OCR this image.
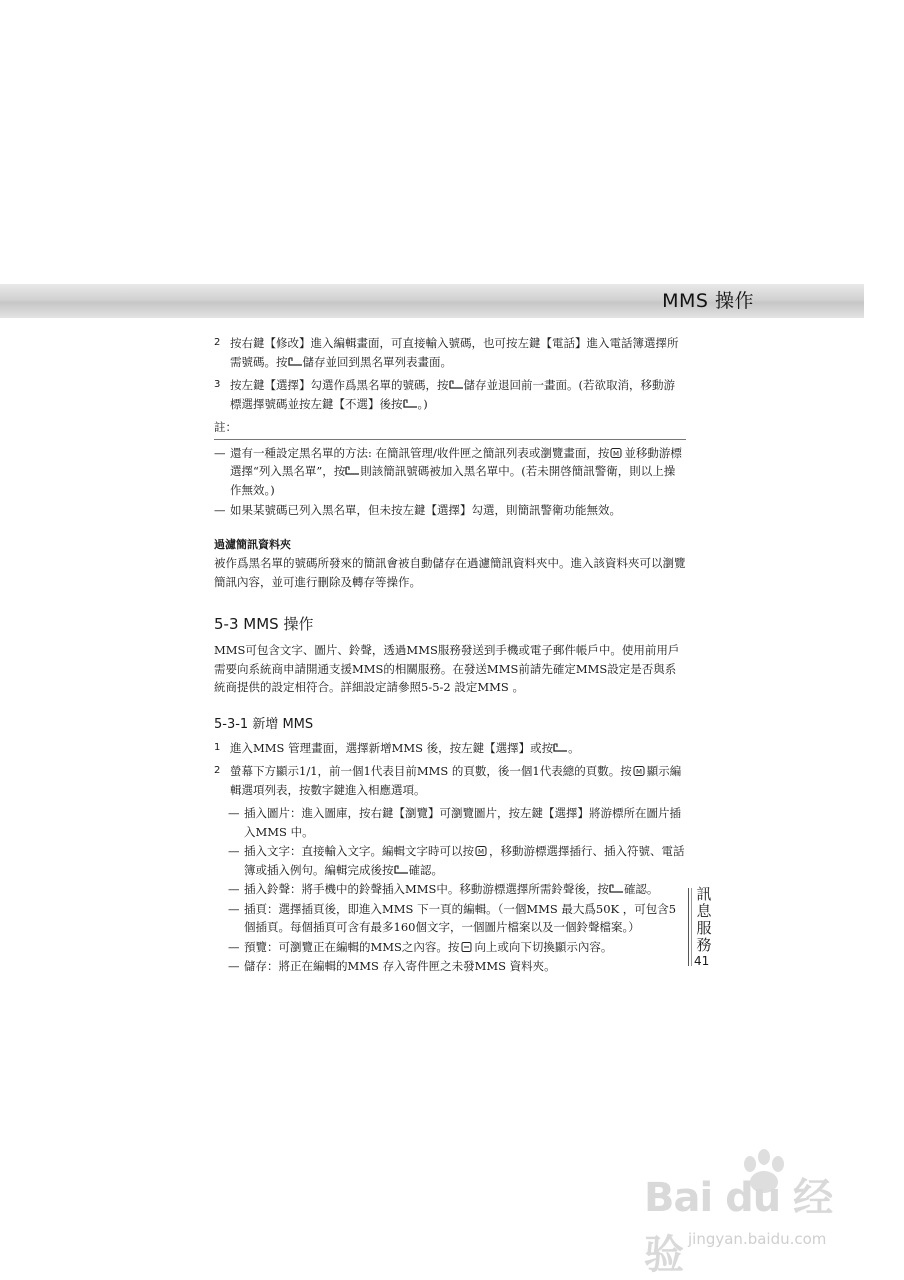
MMS 操作
2 按右鍵【修改】進入編輯畫面，可直接輸入號碼，也可按左鍵【電話】進入電話簿選擇所需號碼。按 儲存並回到黑名單列表畫面。
3 按左鍵【選擇】勾選作爲黑名單的號碼，按 儲存並退回前一畫面。(若欲取消，移動游標選擇號碼並按左鍵【不選】後按 。)
註：
— 還有一種設定黑名單的方法: 在簡訊管理/收件匣之簡訊列表或瀏覽畫面，按 M 並移動游標選擇“列入黑名單”，按 則該簡訊號碼被加入黑名單中。(若未開啓簡訊警衛，則以上操作無效。)
— 如果某號碼已列入黑名單，但未按左鍵【選擇】勾選，則簡訊警衛功能無效。
過濾簡訊資料夾

被作爲黑名單的號碼所發來的簡訊會被自動儲存在過濾簡訊資料夾中。進入該資料夾可以瀏覽簡訊內容，並可進行刪除及轉存等操作。

5-3 MMS 操作

MMS可包含文字、圖片、鈴聲，透過MMS服務發送到手機或電子郵件帳戶中。使用前用戶需要向系統商申請開通支援MMS的相關服務。在發送MMS前請先確定MMS設定是否與系統商提供的設定相符合。詳細設定請參照5-5-2 設定MMS 。

5-3-1 新增 MMS
1 進入MMS 管理畫面，選擇新增MMS 後，按左鍵【選擇】或按 。
2 螢幕下方顯示1/1，前一個1代表目前MMS 的頁數，後一個1代表總的頁數。按 M 顯示編輯選項列表，按數字鍵進入相應選項。
— 插入圖片：進入圖庫，按右鍵【瀏覽】可瀏覽圖片，按左鍵【選擇】將游標所在圖片插入MMS 中。
— 插入文字：直接輸入文字。編輯文字時可以按 M ，移動游標選擇插行、插入符號、電話簿或插入例句。編輯完成後按 確認。
— 插入鈴聲：將手機中的鈴聲插入MMS中。移動游標選擇所需鈴聲後，按 確認。
— 插頁：選擇插頁後，即進入MMS 下一頁的編輯。（一個MMS 最大爲50K ，可包含5個插頁。每個插頁可含有最多160個文字，一個圖片檔案以及一個鈴聲檔案。）
— 預覽：可瀏覽正在編輯的MMS之內容。按 向上或向下切換顯示內容。
— 儲存：將正在編輯的MMS 存入寄件匣之未發MMS 資料夾。
訊
息
服
務
41
Bai du 经验 jingyan.baidu.com
